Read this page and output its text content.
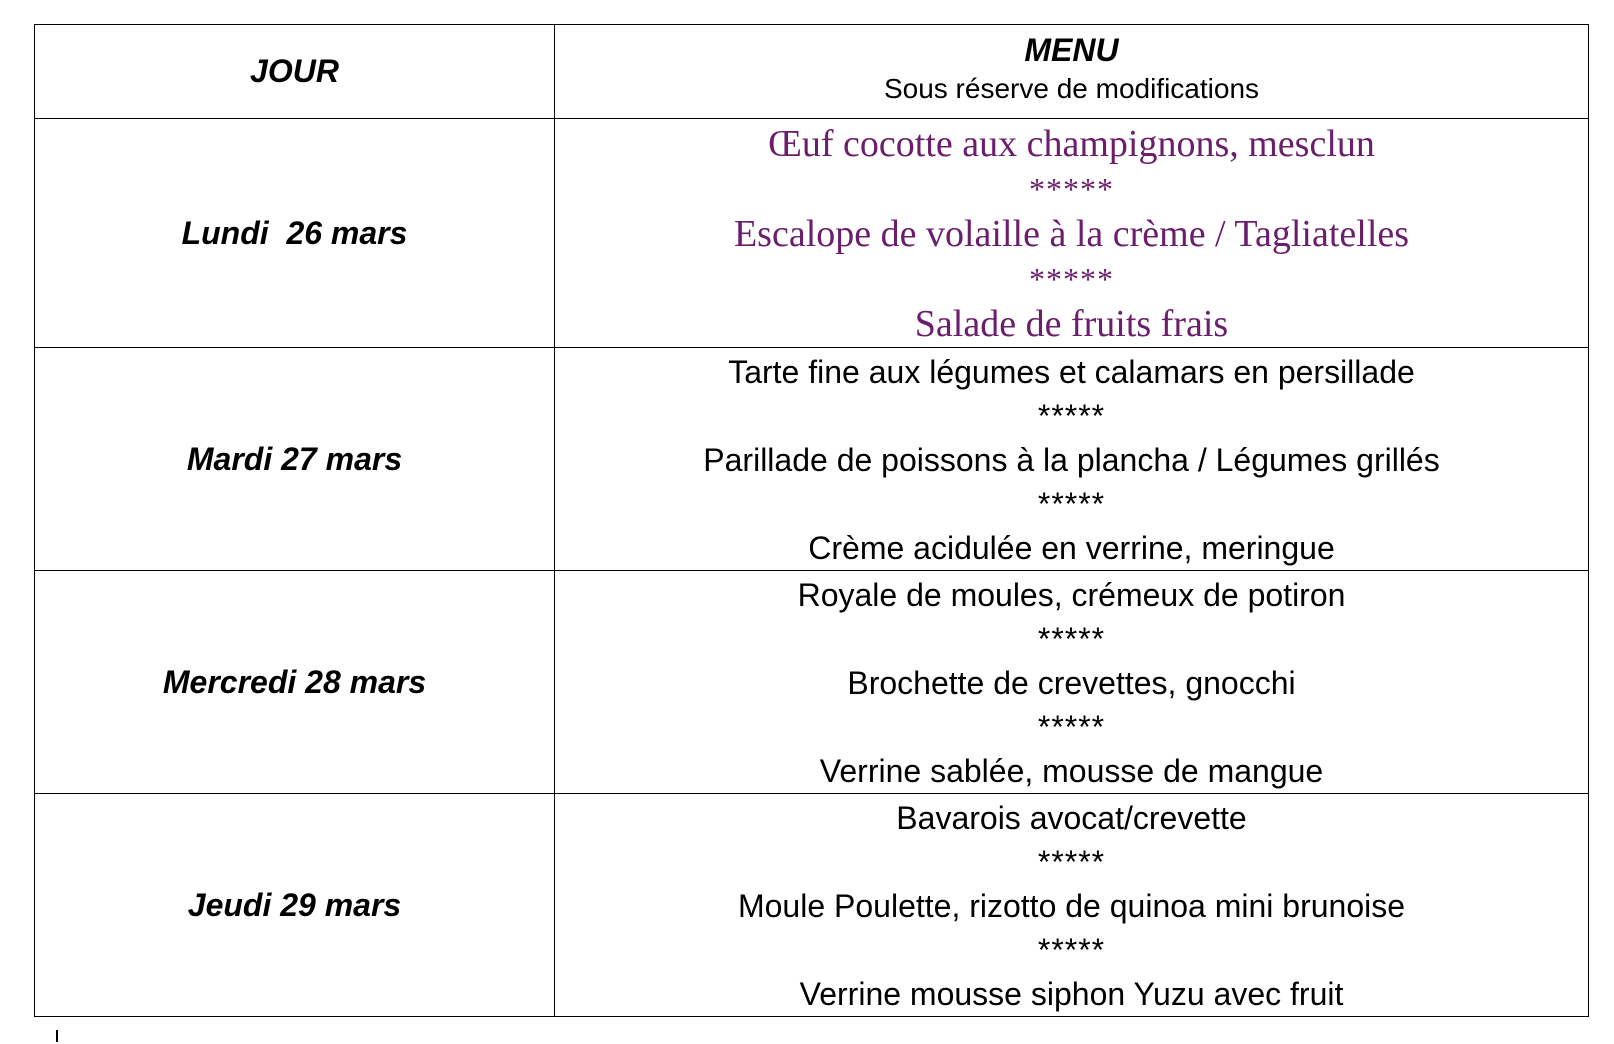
JOUR	MENU
Sous réserve de modifications

Lundi  26 mars	Œuf cocotte aux champignons, mesclun
*****
Escalope de volaille à la crème / Tagliatelles
*****
Salade de fruits frais

Mardi 27 mars	Tarte fine aux légumes et calamars en persillade
*****
Parillade de poissons à la plancha / Légumes grillés
*****
Crème acidulée en verrine, meringue

Mercredi 28 mars	Royale de moules, crémeux de potiron
*****
Brochette de crevettes, gnocchi
*****
Verrine sablée, mousse de mangue

Jeudi 29 mars	Bavarois avocat/crevette
*****
Moule Poulette, rizotto de quinoa mini brunoise
*****
Verrine mousse siphon Yuzu avec fruit
